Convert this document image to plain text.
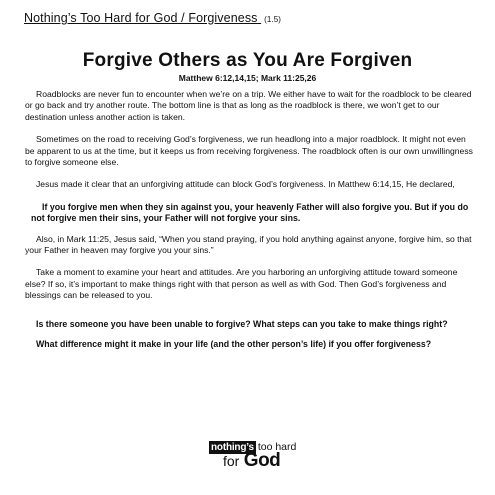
Nothing’s Too Hard for God / Forgiveness (1.5)
Forgive Others as You Are Forgiven
Matthew 6:12,14,15; Mark 11:25,26

Roadblocks are never fun to encounter when we’re on a trip. We either have to wait for the roadblock to be cleared or go back and try another route. The bottom line is that as long as the roadblock is there, we won’t get to our destination unless another action is taken.

Sometimes on the road to receiving God’s forgiveness, we run headlong into a major roadblock. It might not even be apparent to us at the time, but it keeps us from receiving forgiveness. The roadblock often is our own unwillingness to forgive someone else.

Jesus made it clear that an unforgiving attitude can block God’s forgiveness. In Matthew 6:14,15, He declared,

If you forgive men when they sin against you, your heavenly Father will also forgive you. But if you do not forgive men their sins, your Father will not forgive your sins.

Also, in Mark 11:25, Jesus said, “When you stand praying, if you hold anything against anyone, forgive him, so that your Father in heaven may forgive you your sins.”

Take a moment to examine your heart and attitudes. Are you harboring an unforgiving attitude toward someone else? If so, it’s important to make things right with that person as well as with God. Then God’s forgiveness and blessings can be released to you.

Is there someone you have been unable to forgive? What steps can you take to make things right?

What difference might it make in your life (and the other person’s life) if you offer forgiveness?

nothing’s too hard
for God
